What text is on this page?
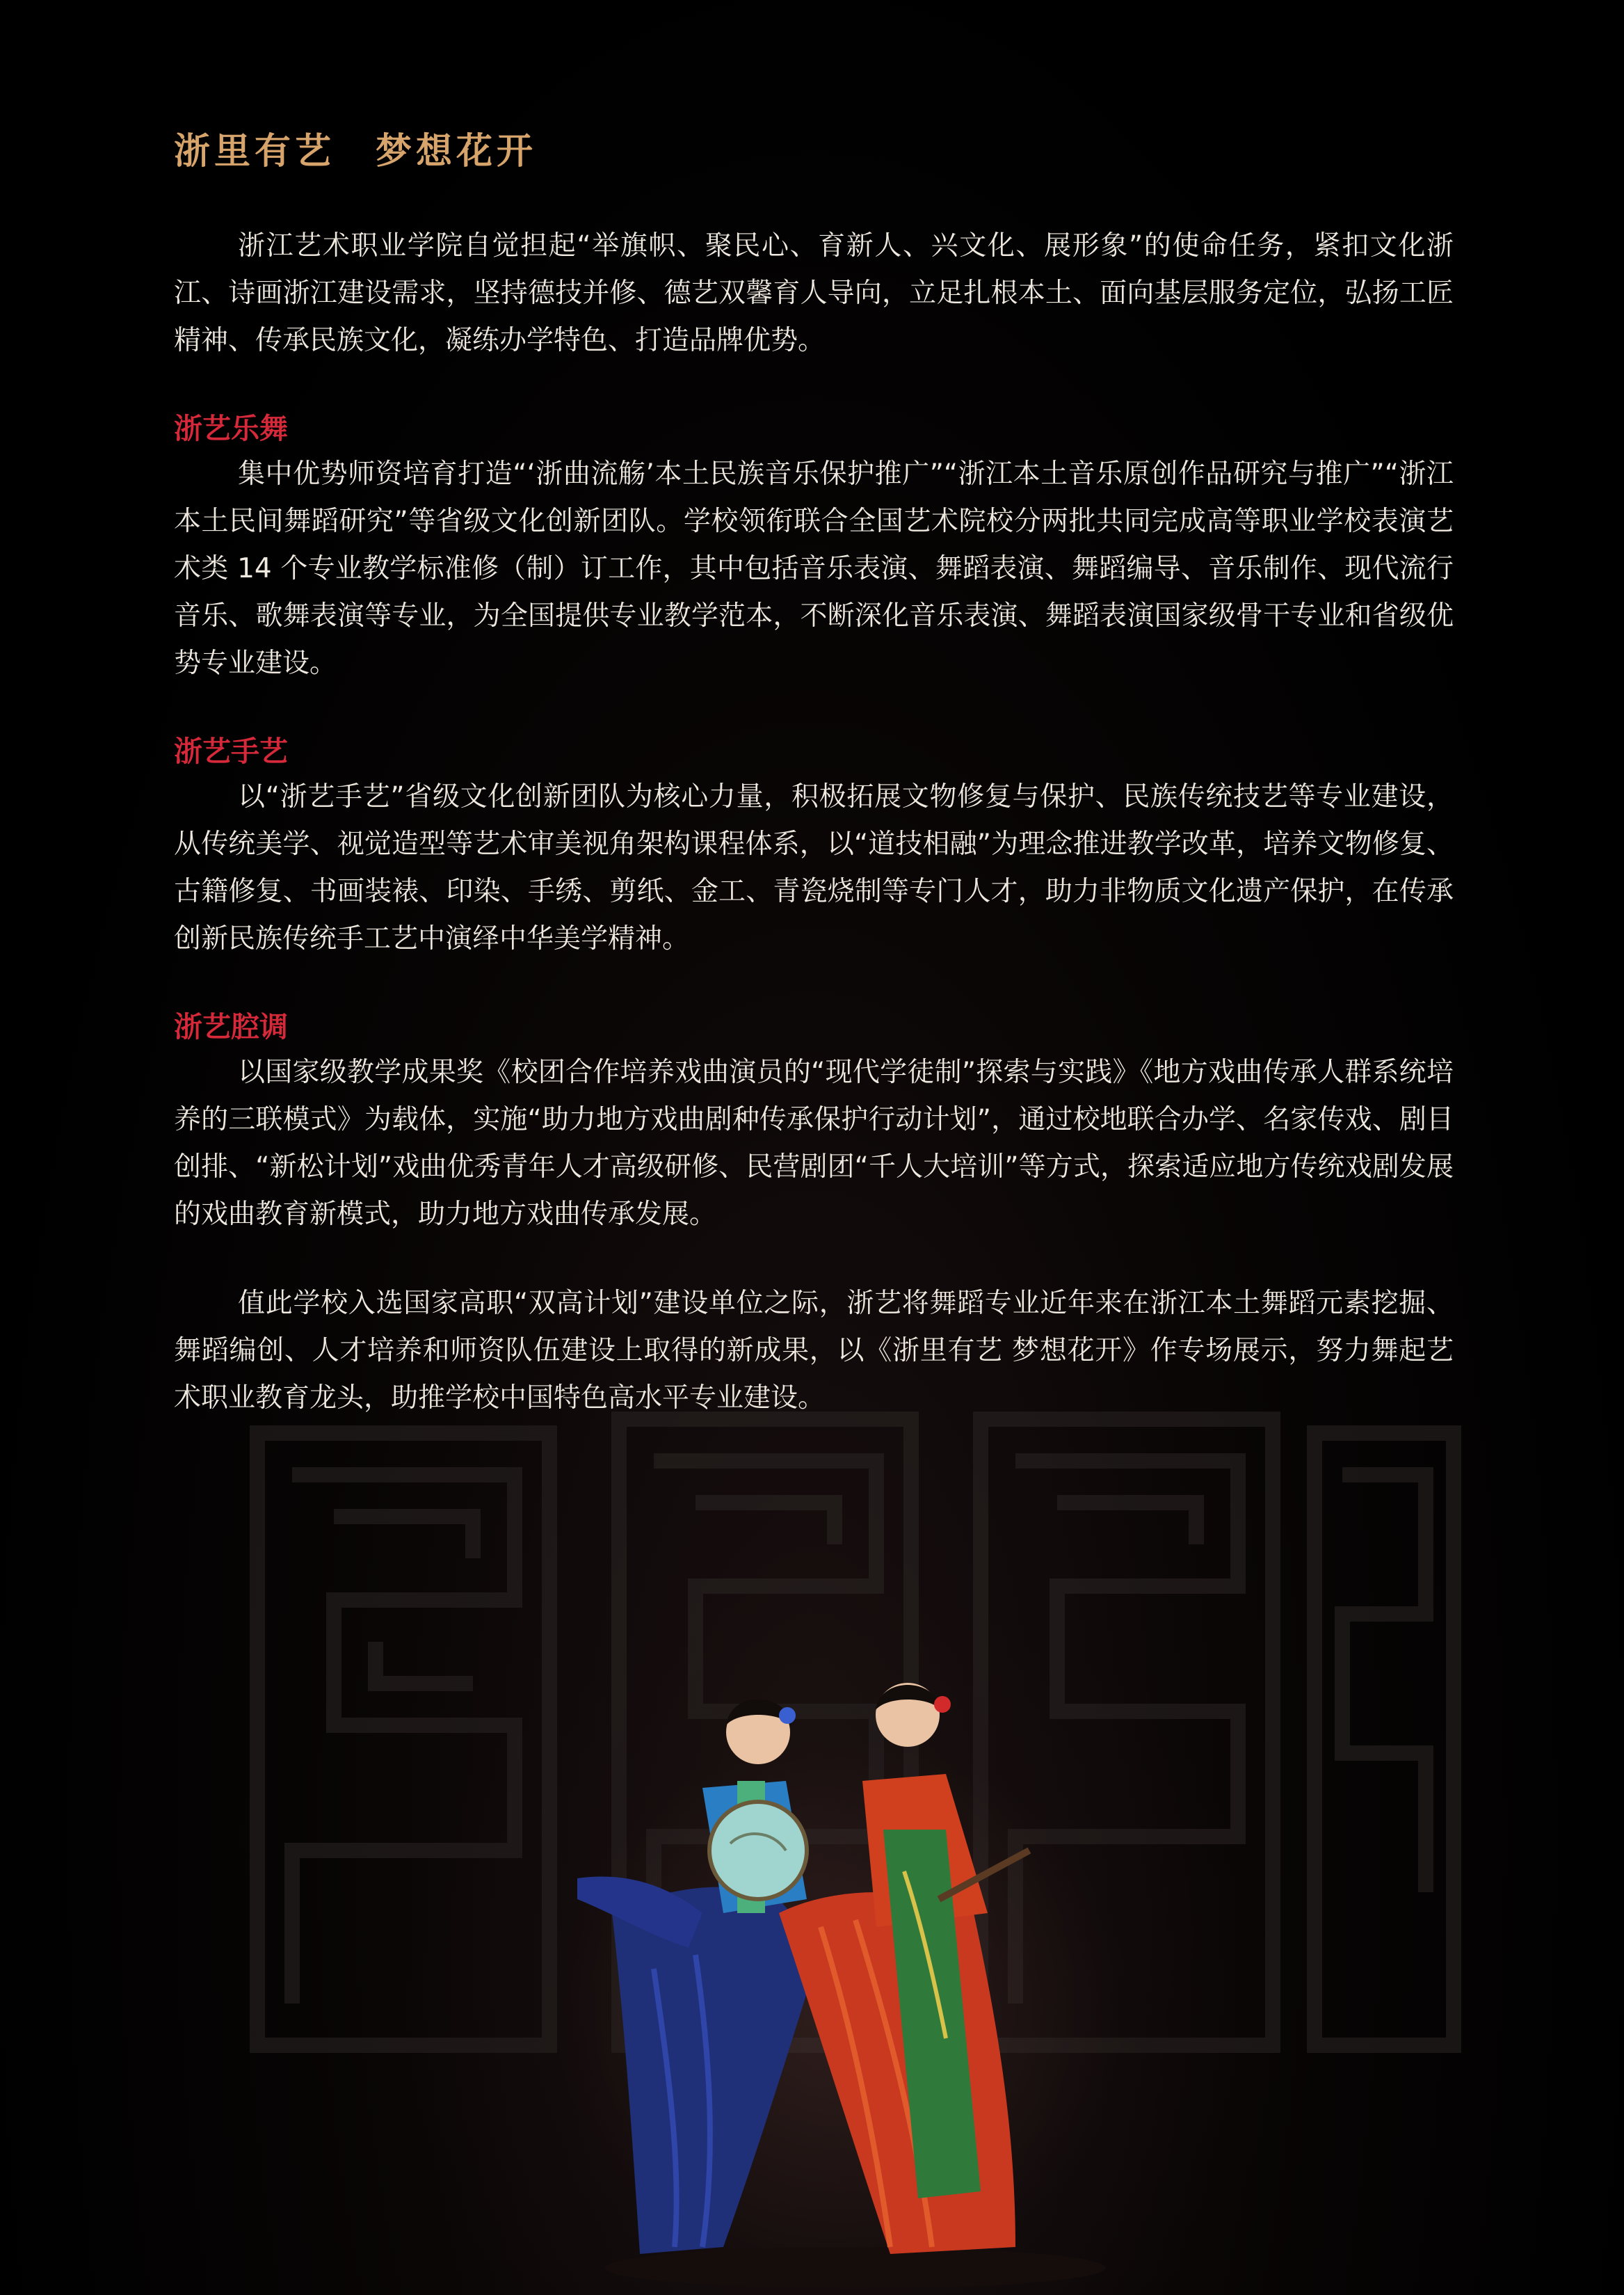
浙里有艺　梦想花开

浙江艺术职业学院自觉担起“举旗帜、聚民心、育新人、兴文化、展形象”的使命任务，紧扣文化浙江、诗画浙江建设需求，坚持德技并修、德艺双馨育人导向，立足扎根本土、面向基层服务定位，弘扬工匠精神、传承民族文化，凝练办学特色、打造品牌优势。

浙艺乐舞

集中优势师资培育打造“‘浙曲流觞’本土民族音乐保护推广”“浙江本土音乐原创作品研究与推广”“浙江本土民间舞蹈研究”等省级文化创新团队。学校领衔联合全国艺术院校分两批共同完成高等职业学校表演艺术类 14 个专业教学标准修（制）订工作，其中包括音乐表演、舞蹈表演、舞蹈编导、音乐制作、现代流行音乐、歌舞表演等专业，为全国提供专业教学范本，不断深化音乐表演、舞蹈表演国家级骨干专业和省级优势专业建设。

浙艺手艺

以“浙艺手艺”省级文化创新团队为核心力量，积极拓展文物修复与保护、民族传统技艺等专业建设，从传统美学、视觉造型等艺术审美视角架构课程体系，以“道技相融”为理念推进教学改革，培养文物修复、古籍修复、书画装裱、印染、手绣、剪纸、金工、青瓷烧制等专门人才，助力非物质文化遗产保护，在传承创新民族传统手工艺中演绎中华美学精神。

浙艺腔调

以国家级教学成果奖《校团合作培养戏曲演员的“现代学徒制”探索与实践》《地方戏曲传承人群系统培养的三联模式》为载体，实施“助力地方戏曲剧种传承保护行动计划”，通过校地联合办学、名家传戏、剧目创排、“新松计划”戏曲优秀青年人才高级研修、民营剧团“千人大培训”等方式，探索适应地方传统戏剧发展的戏曲教育新模式，助力地方戏曲传承发展。

值此学校入选国家高职“双高计划”建设单位之际，浙艺将舞蹈专业近年来在浙江本土舞蹈元素挖掘、舞蹈编创、人才培养和师资队伍建设上取得的新成果，以《浙里有艺 梦想花开》作专场展示，努力舞起艺术职业教育龙头，助推学校中国特色高水平专业建设。
